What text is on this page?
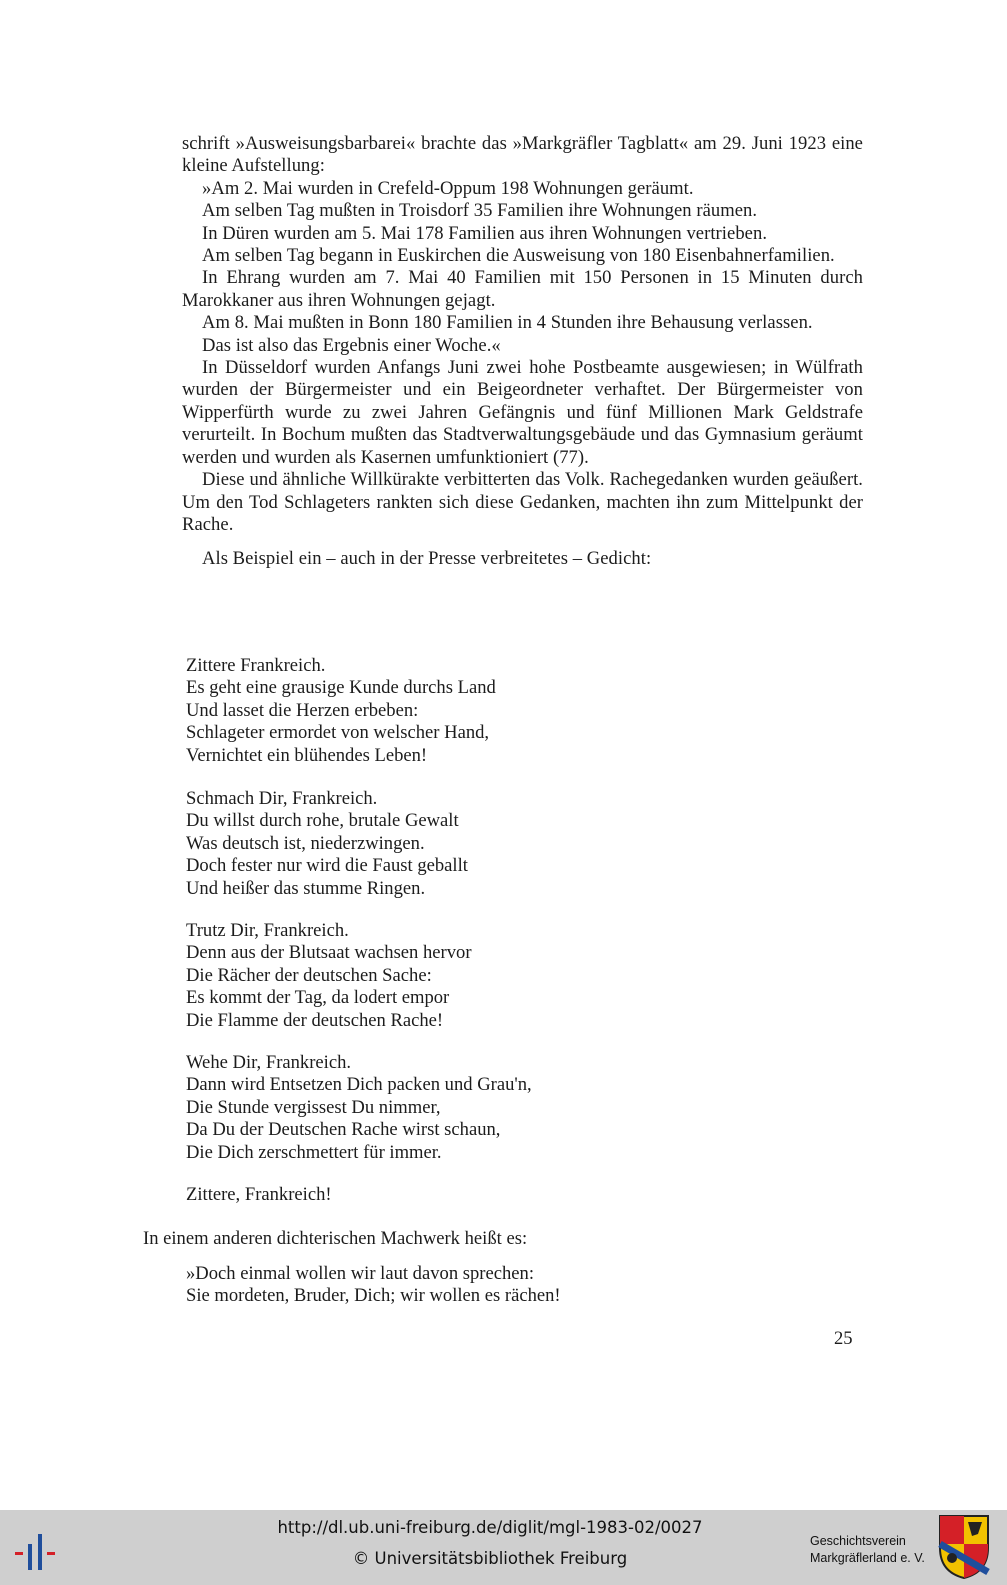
schrift »Ausweisungsbarbarei« brachte das »Markgräfler Tagblatt« am 29. Juni 1923 eine kleine Aufstellung:

»Am 2. Mai wurden in Crefeld-Oppum 198 Wohnungen geräumt.

Am selben Tag mußten in Troisdorf 35 Familien ihre Wohnungen räumen.

In Düren wurden am 5. Mai 178 Familien aus ihren Wohnungen vertrieben.

Am selben Tag begann in Euskirchen die Ausweisung von 180 Eisenbahnerfamilien.

In Ehrang wurden am 7. Mai 40 Familien mit 150 Personen in 15 Minuten durch Marokkaner aus ihren Wohnungen gejagt.

Am 8. Mai mußten in Bonn 180 Familien in 4 Stunden ihre Behausung verlassen.

Das ist also das Ergebnis einer Woche.«

In Düsseldorf wurden Anfangs Juni zwei hohe Postbeamte ausgewiesen; in Wülfrath wurden der Bürgermeister und ein Beigeordneter verhaftet. Der Bürgermeister von Wipperfürth wurde zu zwei Jahren Gefängnis und fünf Millionen Mark Geldstrafe verurteilt. In Bochum mußten das Stadtverwaltungsgebäude und das Gymnasium geräumt werden und wurden als Kasernen umfunktioniert (77).

Diese und ähnliche Willkürakte verbitterten das Volk. Rachegedanken wurden geäußert. Um den Tod Schlageters rankten sich diese Gedanken, machten ihn zum Mittelpunkt der Rache.

Als Beispiel ein – auch in der Presse verbreitetes – Gedicht:

Zittere Frankreich.
Es geht eine grausige Kunde durchs Land
Und lasset die Herzen erbeben:
Schlageter ermordet von welscher Hand,
Vernichtet ein blühendes Leben!
Schmach Dir, Frankreich.
Du willst durch rohe, brutale Gewalt
Was deutsch ist, niederzwingen.
Doch fester nur wird die Faust geballt
Und heißer das stumme Ringen.
Trutz Dir, Frankreich.
Denn aus der Blutsaat wachsen hervor
Die Rächer der deutschen Sache:
Es kommt der Tag, da lodert empor
Die Flamme der deutschen Rache!
Wehe Dir, Frankreich.
Dann wird Entsetzen Dich packen und Grau'n,
Die Stunde vergissest Du nimmer,
Da Du der Deutschen Rache wirst schaun,
Die Dich zerschmettert für immer.
Zittere, Frankreich!
In einem anderen dichterischen Machwerk heißt es:
»Doch einmal wollen wir laut davon sprechen:
Sie mordeten, Bruder, Dich; wir wollen es rächen!
25
http://dl.ub.uni-freiburg.de/diglit/mgl-1983-02/0027
© Universitätsbibliothek Freiburg
Geschichtsverein
Markgräflerland e. V.
